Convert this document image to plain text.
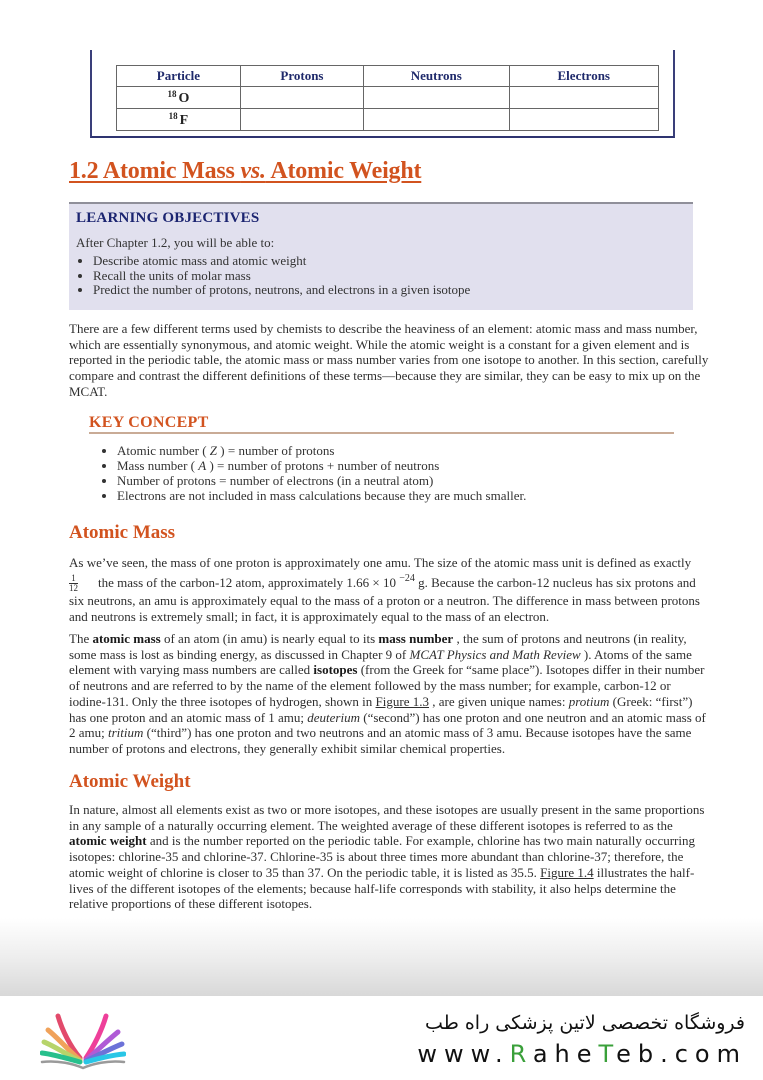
Particle	Protons	Neutrons	Electrons
$^{18}$ O			
$^{18}$ F			
1.2 Atomic Mass vs. Atomic Weight
LEARNING OBJECTIVES
After Chapter 1.2, you will be able to:
• Describe atomic mass and atomic weight
• Recall the units of molar mass
• Predict the number of protons, neutrons, and electrons in a given isotope

There are a few different terms used by chemists to describe the heaviness of an element: atomic mass and mass number, which are essentially synonymous, and atomic weight. While the atomic weight is a constant for a given element and is reported in the periodic table, the atomic mass or mass number varies from one isotope to another. In this section, carefully compare and contrast the different definitions of these terms—because they are similar, they can be easy to mix up on the MCAT.

KEY CONCEPT
• Atomic number ( Z ) = number of protons
• Mass number ( A ) = number of protons + number of neutrons
• Number of protons = number of electrons (in a neutral atom)
• Electrons are not included in mass calculations because they are much smaller.
Atomic Mass

As we’ve seen, the mass of one proton is approximately one amu. The size of the atomic mass unit is defined as exactly

$\frac{1}{12}$ the mass of the carbon-12 atom, approximately 1.66 × 10 $^{-24}$ g. Because the carbon-12 nucleus has six protons and six neutrons, an amu is approximately equal to the mass of a proton or a neutron. The difference in mass between protons and neutrons is extremely small; in fact, it is approximately equal to the mass of an electron.

The atomic mass of an atom (in amu) is nearly equal to its mass number , the sum of protons and neutrons (in reality, some mass is lost as binding energy, as discussed in Chapter 9 of MCAT Physics and Math Review ). Atoms of the same element with varying mass numbers are called isotopes (from the Greek for “same place”). Isotopes differ in their number of neutrons and are referred to by the name of the element followed by the mass number; for example, carbon-12 or iodine-131. Only the three isotopes of hydrogen, shown in Figure 1.3 , are given unique names: protium (Greek: “first”) has one proton and an atomic mass of 1 amu; deuterium (“second”) has one proton and one neutron and an atomic mass of 2 amu; tritium (“third”) has one proton and two neutrons and an atomic mass of 3 amu. Because isotopes have the same number of protons and electrons, they generally exhibit similar chemical properties.

Atomic Weight

In nature, almost all elements exist as two or more isotopes, and these isotopes are usually present in the same proportions in any sample of a naturally occurring element. The weighted average of these different isotopes is referred to as the atomic weight and is the number reported on the periodic table. For example, chlorine has two main naturally occurring isotopes: chlorine-35 and chlorine-37. Chlorine-35 is about three times more abundant than chlorine-37; therefore, the atomic weight of chlorine is closer to 35 than 37. On the periodic table, it is listed as 35.5. Figure 1.4 illustrates the half-lives of the different isotopes of the elements; because half-life corresponds with stability, it also helps determine the relative proportions of these different isotopes.

فروشگاه تخصصی لاتین پزشکی راه طب
www.RaheTeb.com
